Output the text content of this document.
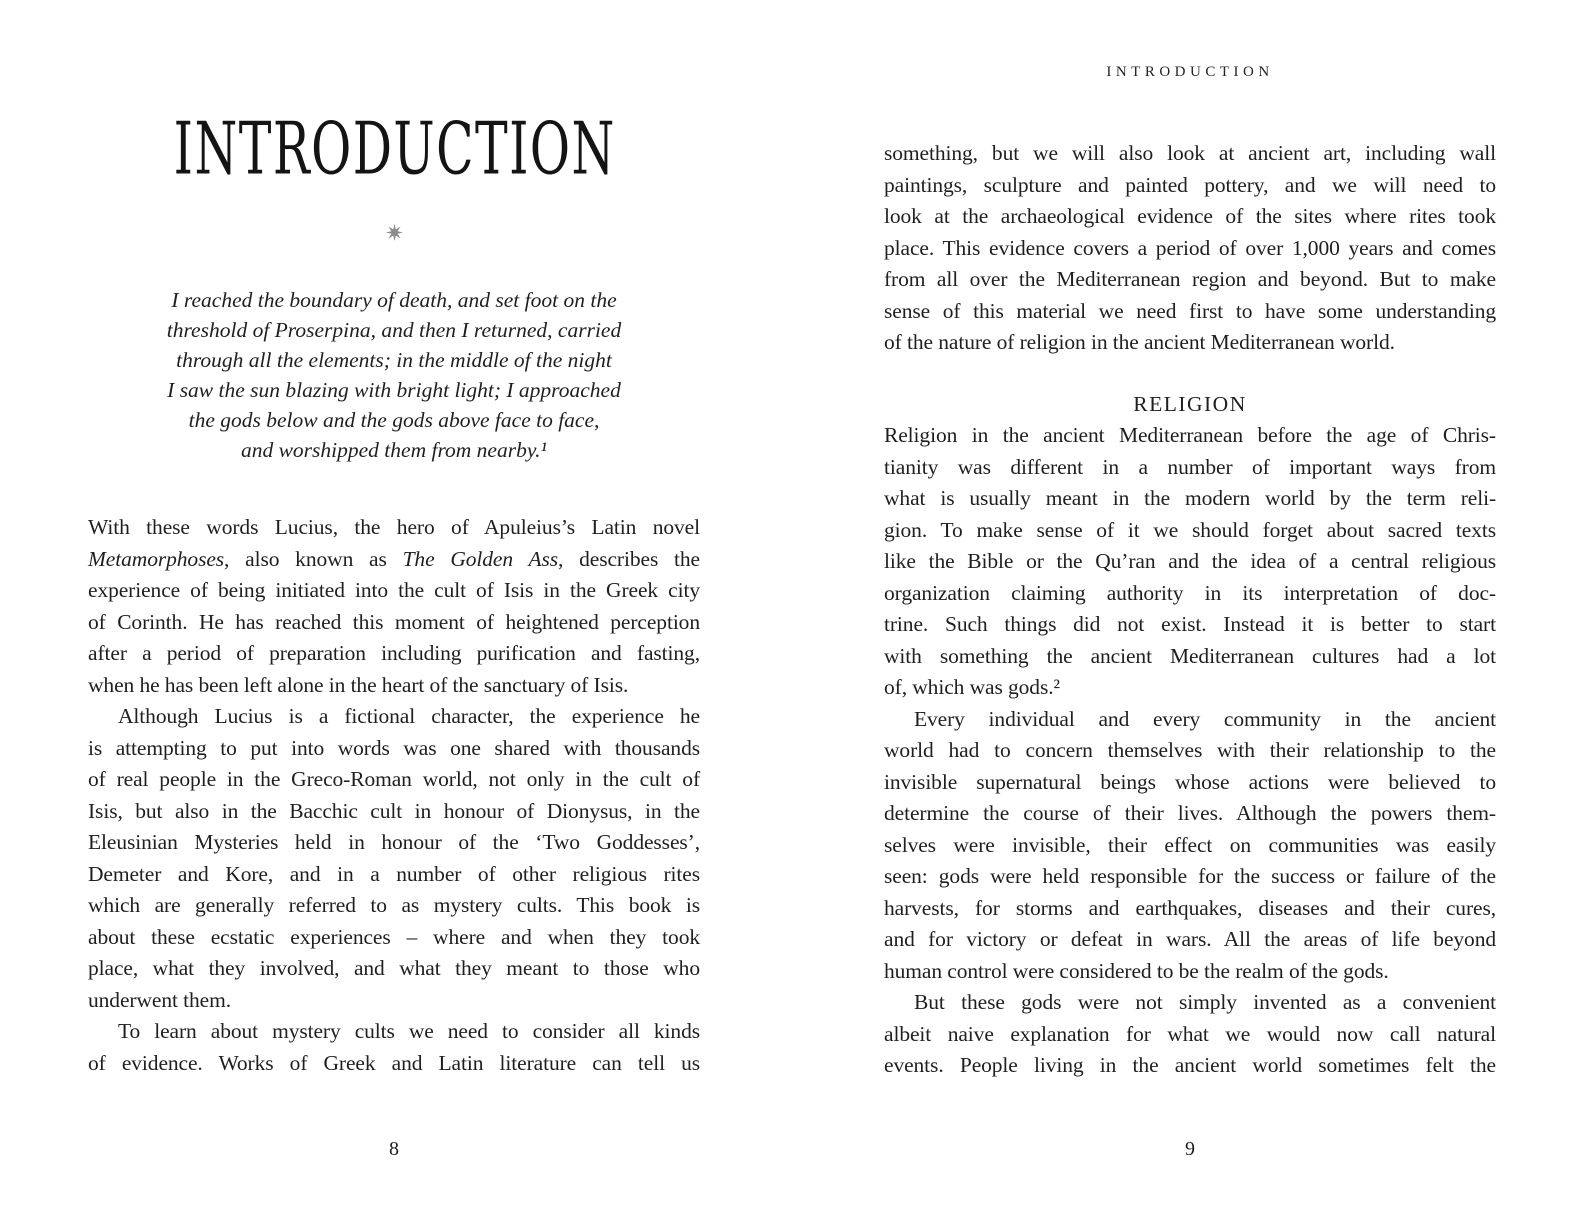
INTRODUCTION
I reached the boundary of death, and set foot on the
threshold of Proserpina, and then I returned, carried
through all the elements; in the middle of the night
I saw the sun blazing with bright light; I approached
the gods below and the gods above face to face,
and worshipped them from nearby.¹
With these words Lucius, the hero of Apuleius’s Latin novel
Metamorphoses, also known as The Golden Ass, describes the
experience of being initiated into the cult of Isis in the Greek city
of Corinth. He has reached this moment of heightened perception
after a period of preparation including purification and fasting,
when he has been left alone in the heart of the sanctuary of Isis.
Although Lucius is a fictional character, the experience he
is attempting to put into words was one shared with thousands
of real people in the Greco-Roman world, not only in the cult of
Isis, but also in the Bacchic cult in honour of Dionysus, in the
Eleusinian Mysteries held in honour of the ‘Two Goddesses’,
Demeter and Kore, and in a number of other religious rites
which are generally referred to as mystery cults. This book is
about these ecstatic experiences – where and when they took
place, what they involved, and what they meant to those who
underwent them.
To learn about mystery cults we need to consider all kinds
of evidence. Works of Greek and Latin literature can tell us
8
INTRODUCTION
something, but we will also look at ancient art, including wall
paintings, sculpture and painted pottery, and we will need to
look at the archaeological evidence of the sites where rites took
place. This evidence covers a period of over 1,000 years and comes
from all over the Mediterranean region and beyond. But to make
sense of this material we need first to have some understanding
of the nature of religion in the ancient Mediterranean world.
RELIGION
Religion in the ancient Mediterranean before the age of Chris-
tianity was different in a number of important ways from
what is usually meant in the modern world by the term reli-
gion. To make sense of it we should forget about sacred texts
like the Bible or the Qu’ran and the idea of a central religious
organization claiming authority in its interpretation of doc-
trine. Such things did not exist. Instead it is better to start
with something the ancient Mediterranean cultures had a lot
of, which was gods.²
Every individual and every community in the ancient
world had to concern themselves with their relationship to the
invisible supernatural beings whose actions were believed to
determine the course of their lives. Although the powers them-
selves were invisible, their effect on communities was easily
seen: gods were held responsible for the success or failure of the
harvests, for storms and earthquakes, diseases and their cures,
and for victory or defeat in wars. All the areas of life beyond
human control were considered to be the realm of the gods.
But these gods were not simply invented as a convenient
albeit naive explanation for what we would now call natural
events. People living in the ancient world sometimes felt the
9
